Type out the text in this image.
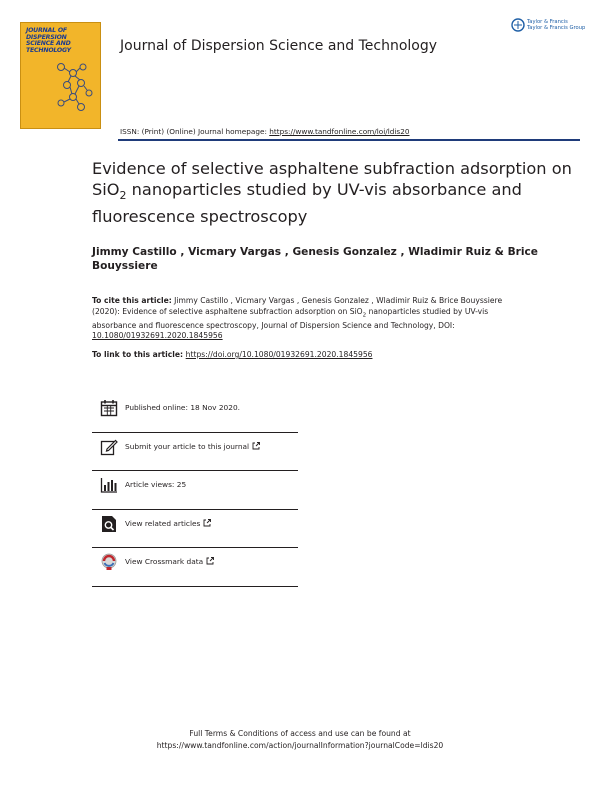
JOURNAL OF
DISPERSION
SCIENCE AND
TECHNOLOGY	Journal of Dispersion Science and Technology
Taylor & Francis
Taylor & Francis Group
ISSN: (Print) (Online) Journal homepage: https://www.tandfonline.com/loi/ldis20
Evidence of selective asphaltene subfraction adsorption on SiO$_2$ nanoparticles studied by UV-vis absorbance and fluorescence spectroscopy
Jimmy Castillo , Vicmary Vargas , Genesis Gonzalez , Wladimir Ruiz & Brice Bouyssiere
To cite this article: Jimmy Castillo , Vicmary Vargas , Genesis Gonzalez , Wladimir Ruiz & Brice Bouyssiere (2020): Evidence of selective asphaltene subfraction adsorption on SiO$_2$ nanoparticles studied by UV-vis absorbance and fluorescence spectroscopy, Journal of Dispersion Science and Technology, DOI: 10.1080/01932691.2020.1845956
To link to this article: https://doi.org/10.1080/01932691.2020.1845956
Published online: 18 Nov 2020.
Submit your article to this journal
Article views: 25
View related articles
View Crossmark data
Full Terms & Conditions of access and use can be found at
https://www.tandfonline.com/action/journalInformation?journalCode=ldis20
